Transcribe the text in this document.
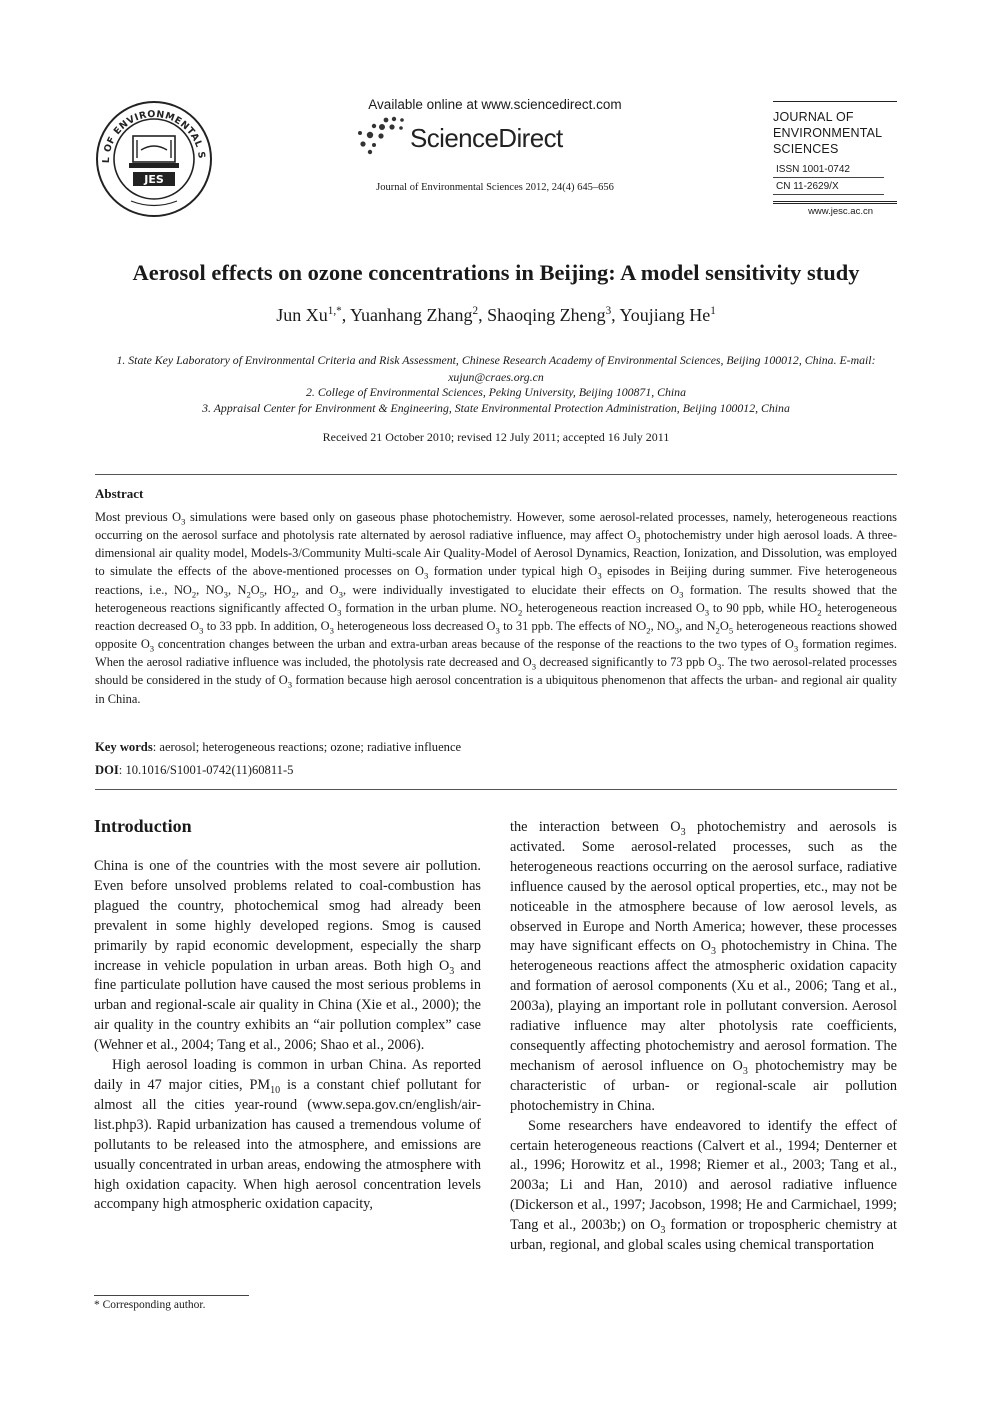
L OF ENVIRONMENTAL S
JES
Available online at www.sciencedirect.com
ScienceDirect
Journal of Environmental Sciences 2012, 24(4) 645–656
JOURNAL OF
ENVIRONMENTAL
SCIENCES
ISSN 1001-0742
CN 11-2629/X
www.jesc.ac.cn
Aerosol effects on ozone concentrations in Beijing: A model sensitivity study
Jun $Xu^{1,*}$, Yuanhang Zhang$^2$, Shaoqing Zheng$^3$, Youjiang He$^1$
1. State Key Laboratory of Environmental Criteria and Risk Assessment, Chinese Research Academy of Environmental Sciences, Beijing 100012, China. E-mail: xujun@craes.org.cn
2. College of Environmental Sciences, Peking University, Beijing 100871, China
3. Appraisal Center for Environment & Engineering, State Environmental Protection Administration, Beijing 100012, China
Received 21 October 2010; revised 12 July 2011; accepted 16 July 2011
Abstract
Most previous $O_3$ simulations were based only on gaseous phase photochemistry. However, some aerosol-related processes, namely, heterogeneous reactions occurring on the aerosol surface and photolysis rate alternated by aerosol radiative influence, may affect $O_3$ photochemistry under high aerosol loads. A three-dimensional air quality model, Models-3/Community Multi-scale Air Quality-Model of Aerosol Dynamics, Reaction, Ionization, and Dissolution, was employed to simulate the effects of the above-mentioned processes on $O_3$ formation under typical high $O_3$ episodes in Beijing during summer. Five heterogeneous reactions, i.e., $NO_2$, $NO_3$, $N_2O_5$, $HO_2$, and $O_3$, were individually investigated to elucidate their effects on $O_3$ formation. The results showed that the heterogeneous reactions significantly affected $O_3$ formation in the urban plume. $NO_2$ heterogeneous reaction increased $O_3$ to 90 ppb, while $HO_2$ heterogeneous reaction decreased $O_3$ to 33 ppb. In addition, $O_3$ heterogeneous loss decreased $O_3$ to 31 ppb. The effects of $NO_2$, $NO_3$, and $N_2O_5$ heterogeneous reactions showed opposite $O_3$ concentration changes between the urban and extra-urban areas because of the response of the reactions to the two types of $O_3$ formation regimes. When the aerosol radiative influence was included, the photolysis rate decreased and $O_3$ decreased significantly to 73 ppb $O_3$. The two aerosol-related processes should be considered in the study of $O_3$ formation because high aerosol concentration is a ubiquitous phenomenon that affects the urban- and regional air quality in China.
Key words: aerosol; heterogeneous reactions; ozone; radiative influence
DOI: 10.1016/S1001-0742(11)60811-5
Introduction

China is one of the countries with the most severe air pollution. Even before unsolved problems related to coal-combustion has plagued the country, photochemical smog had already been prevalent in some highly developed regions. Smog is caused primarily by rapid economic development, especially the sharp increase in vehicle population in urban areas. Both high $O_3$ and fine particulate pollution have caused the most serious problems in urban and regional-scale air quality in China (Xie et al., 2000); the air quality in the country exhibits an “air pollution complex” case (Wehner et al., 2004; Tang et al., 2006; Shao et al., 2006).

High aerosol loading is common in urban China. As reported daily in 47 major cities, $PM_{10}$ is a constant chief pollutant for almost all the cities year-round (www.sepa.gov.cn/english/air-list.php3). Rapid urbanization has caused a tremendous volume of pollutants to be released into the atmosphere, and emissions are usually concentrated in urban areas, endowing the atmosphere with high oxidation capacity. When high aerosol concentration levels accompany high atmospheric oxidation capacity,

the interaction between $O_3$ photochemistry and aerosols is activated. Some aerosol-related processes, such as the heterogeneous reactions occurring on the aerosol surface, radiative influence caused by the aerosol optical properties, etc., may not be noticeable in the atmosphere because of low aerosol levels, as observed in Europe and North America; however, these processes may have significant effects on $O_3$ photochemistry in China. The heterogeneous reactions affect the atmospheric oxidation capacity and formation of aerosol components (Xu et al., 2006; Tang et al., 2003a), playing an important role in pollutant conversion. Aerosol radiative influence may alter photolysis rate coefficients, consequently affecting photochemistry and aerosol formation. The mechanism of aerosol influence on $O_3$ photochemistry may be characteristic of urban- or regional-scale air pollution photochemistry in China.

Some researchers have endeavored to identify the effect of certain heterogeneous reactions (Calvert et al., 1994; Denterner et al., 1996; Horowitz et al., 1998; Riemer et al., 2003; Tang et al., 2003a; Li and Han, 2010) and aerosol radiative influence (Dickerson et al., 1997; Jacobson, 1998; He and Carmichael, 1999; Tang et al., 2003b;) on $O_3$ formation or tropospheric chemistry at urban, regional, and global scales using chemical transportation

* Corresponding author.
